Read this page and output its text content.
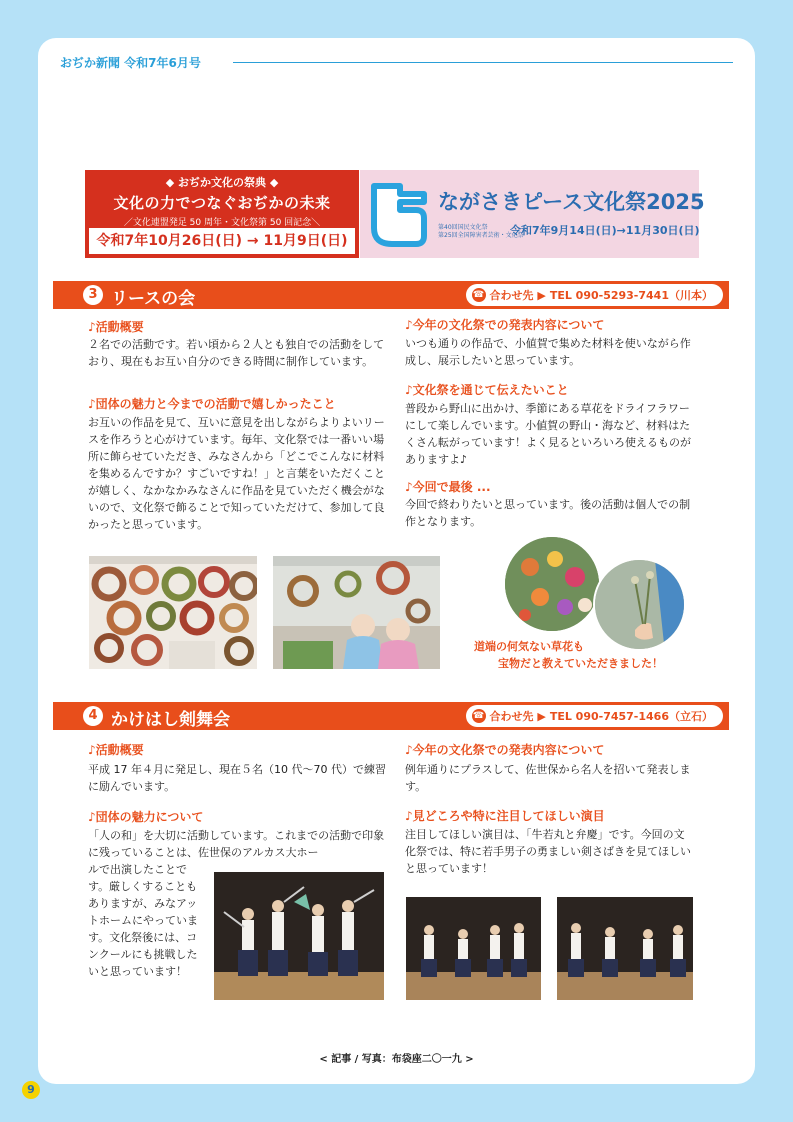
おぢか新聞 令和7年6月号
◆ おぢか文化の祭典 ◆
文化の力でつなぐおぢかの未来
／文化連盟発足 50 周年・文化祭第 50 回記念＼
令和7年10月26日(日) → 11月9日(日)
ながさきピース文化祭2025
第40回国民文化祭
第25回全国障害者芸術・文化祭
令和7年9月14日(日)→11月30日(日)
3 リースの会	☎ 合わせ先 ▶ TEL 090-5293-7441（川本）
♪活動概要
２名での活動です。若い頃から２人とも独自での活動をしており、現在もお互い自分のできる時間に制作しています。
♪団体の魅力と今までの活動で嬉しかったこと
お互いの作品を見て、互いに意見を出しながらよりよいリースを作ろうと心がけています。毎年、文化祭では一番いい場所に飾らせていただき、みなさんから「どこでこんなに材料を集めるんですか？すごいですね！」と言葉をいただくことが嬉しく、なかなかみなさんに作品を見ていただく機会がないので、文化祭で飾ることで知っていただけて、参加して良かったと思っています。
♪今年の文化祭での発表内容について
いつも通りの作品で、小値賀で集めた材料を使いながら作成し、展示したいと思っています。
♪文化祭を通じて伝えたいこと
普段から野山に出かけ、季節にある草花をドライフラワーにして楽しんでいます。小値賀の野山・海など、材料はたくさん転がっています！よく見るといろいろ使えるものがありますよ♪
♪今回で最後 ...
今回で終わりたいと思っています。後の活動は個人での制作となります。
道端の何気ない草花も
宝物だと教えていただきました！
4 かけはし剣舞会	☎ 合わせ先 ▶ TEL 090-7457-1466（立石）
♪活動概要
平成 17 年４月に発足し、現在５名（10 代〜70 代）で練習に励んでいます。
♪団体の魅力について
「人の和」を大切に活動しています。これまでの活動で印象に残っていることは、佐世保のアルカス大ホー
ルで出演したことです。厳しくすることもありますが、みなアットホームにやっています。文化祭後には、コンクールにも挑戦したいと思っています！
♪今年の文化祭での発表内容について
例年通りにプラスして、佐世保から名人を招いて発表します。
♪見どころや特に注目してほしい演目
注目してほしい演目は、「牛若丸と弁慶」です。今回の文化祭では、特に若手男子の勇ましい剣さばきを見てほしいと思っています！
< 記事 / 写真：布袋座二〇一九 >
9
